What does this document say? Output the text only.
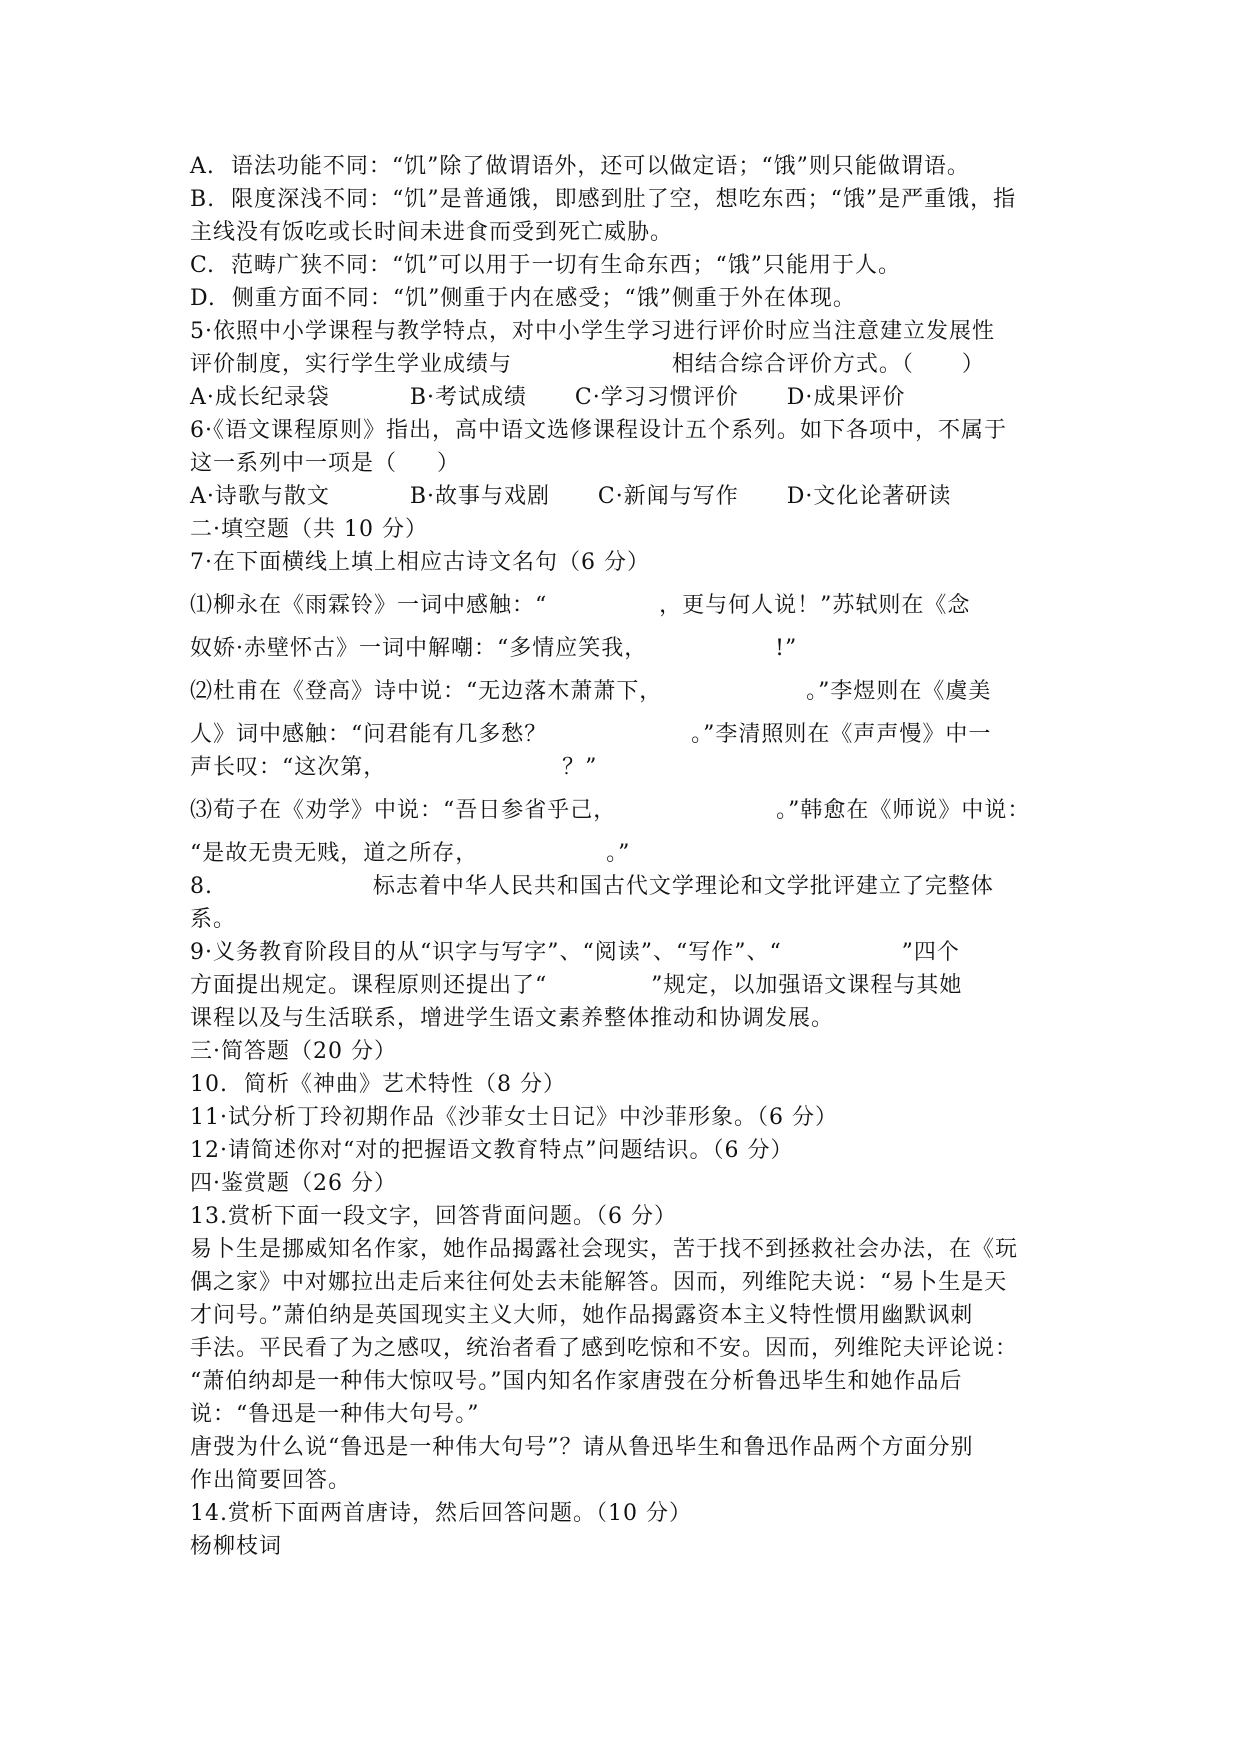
A.  语法功能不同：“饥”除了做谓语外，还可以做定语；“饿”则只能做谓语。
B.  限度深浅不同：“饥”是普通饿，即感到肚了空，想吃东西；“饿”是严重饿，指
主线没有饭吃或长时间未进食而受到死亡威胁。
C.  范畴广狭不同：“饥”可以用于一切有生命东西；“饿”只能用于人。
D.  侧重方面不同：“饥”侧重于内在感受；“饿”侧重于外在体现。
5·依照中小学课程与教学特点，对中小学生学习进行评价时应当注意建立发展性
评价制度，实行学生学业成绩与                    相结合综合评价方式。（      ）
A·成长纪录袋          B·考试成绩      C·学习习惯评价      D·成果评价
6·《语文课程原则》指出，高中语文选修课程设计五个系列。如下各项中，不属于
这一系列中一项是（     ）
A·诗歌与散文          B·故事与戏剧      C·新闻与写作      D·文化论著研读
二·填空题（共 10 分）
7·在下面横线上填上相应古诗文名句（6 分）
⑴柳永在《雨霖铃》一词中感触：“              ，更与何人说！”苏轼则在《念
奴娇·赤壁怀古》一词中解嘲：“多情应笑我，                !”
⑵杜甫在《登高》诗中说：“无边落木萧萧下，                  。”李煜则在《虞美
人》词中感触：“问君能有几多愁？                  。”李清照则在《声声慢》中一
声长叹：“这次第，                      ？”
⑶荀子在《劝学》中说：“吾日参省乎己，                    。”韩愈在《师说》中说：
“是故无贵无贱，道之所存，                。”
8.                    标志着中华人民共和国古代文学理论和文学批评建立了完整体
系。
9·义务教育阶段目的从“识字与写字”、“阅读”、“写作”、“               ”四个
方面提出规定。课程原则还提出了“             ”规定，以加强语文课程与其她
课程以及与生活联系，增进学生语文素养整体推动和协调发展。
三·简答题（20 分）
10.  简析《神曲》艺术特性（8 分）
11·试分析丁玲初期作品《沙菲女士日记》中沙菲形象。（6 分）
12·请简述你对“对的把握语文教育特点”问题结识。（6 分）
四·鉴赏题（26 分）
13.赏析下面一段文字，回答背面问题。（6 分）
易卜生是挪威知名作家，她作品揭露社会现实，苦于找不到拯救社会办法，在《玩
偶之家》中对娜拉出走后来往何处去未能解答。因而，列维陀夫说：“易卜生是天
才问号。”萧伯纳是英国现实主义大师，她作品揭露资本主义特性惯用幽默讽刺
手法。平民看了为之感叹，统治者看了感到吃惊和不安。因而，列维陀夫评论说：
“萧伯纳却是一种伟大惊叹号。”国内知名作家唐弢在分析鲁迅毕生和她作品后
说：“鲁迅是一种伟大句号。”
唐弢为什么说“鲁迅是一种伟大句号”？请从鲁迅毕生和鲁迅作品两个方面分别
作出简要回答。
14.赏析下面两首唐诗，然后回答问题。（10 分）
杨柳枝词
